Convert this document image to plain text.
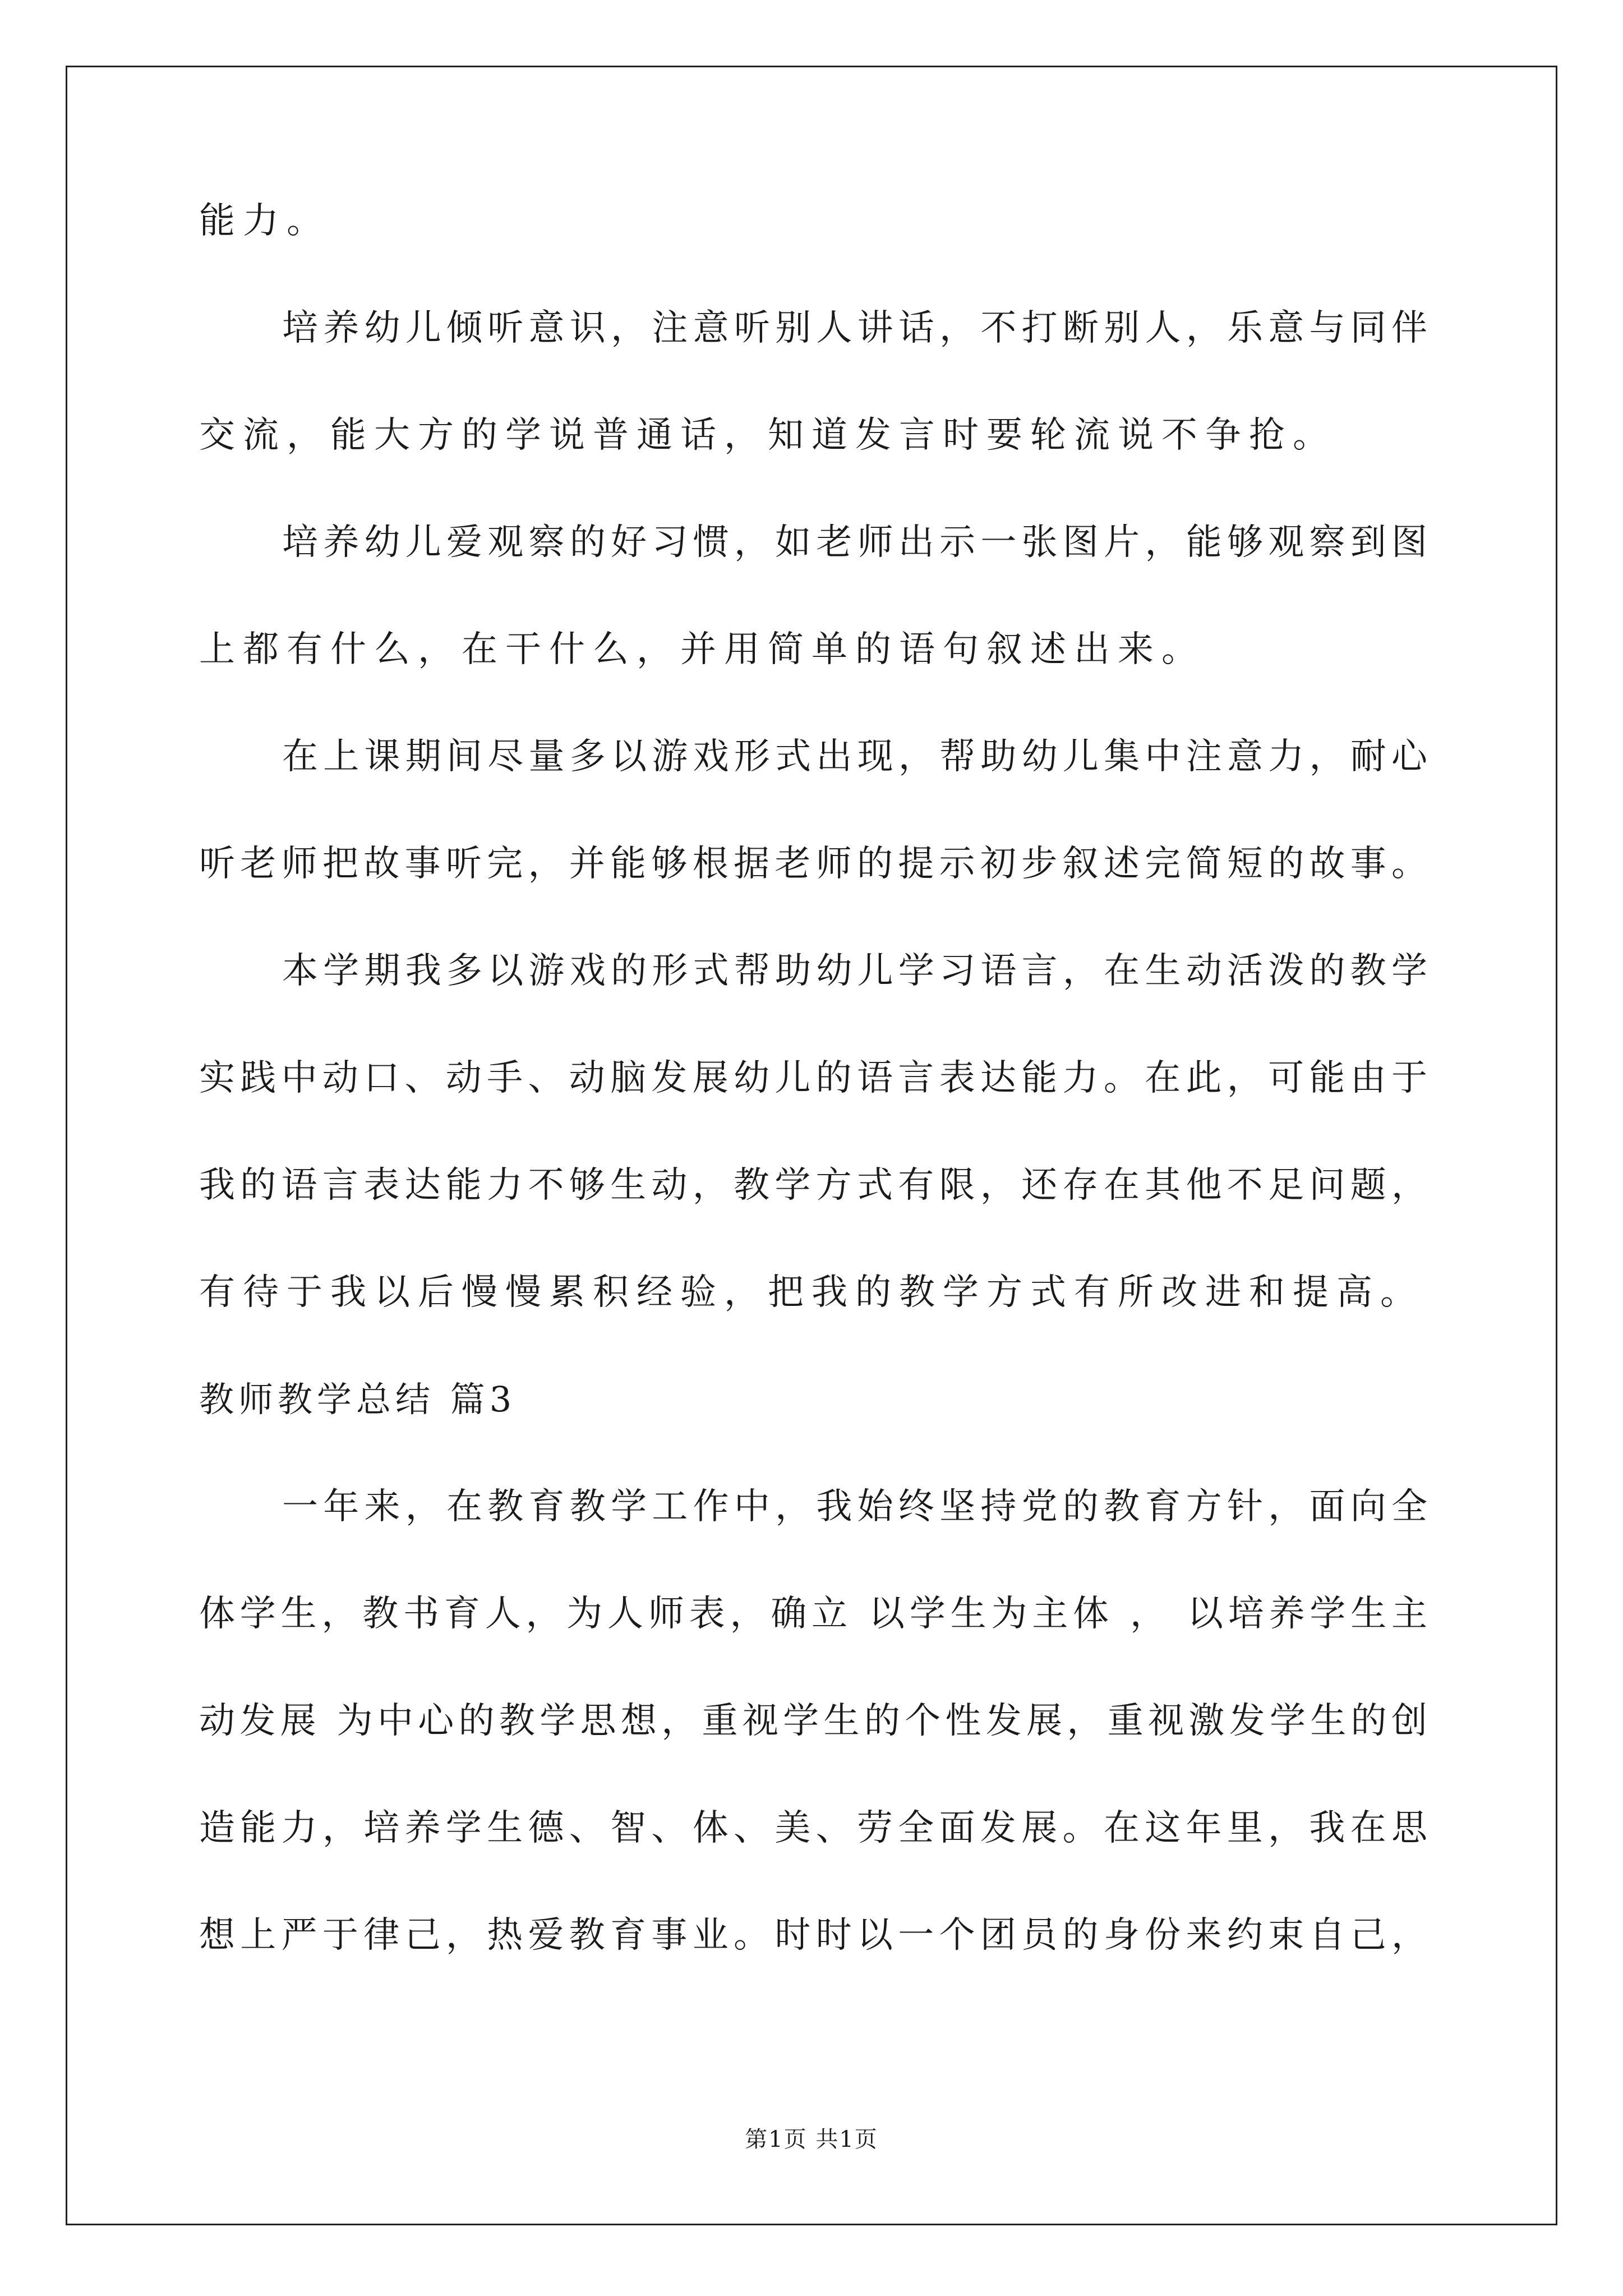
能力。
培养幼儿倾听意识，注意听别人讲话，不打断别人，乐意与同伴
交流，能大方的学说普通话，知道发言时要轮流说不争抢。
培养幼儿爱观察的好习惯，如老师出示一张图片，能够观察到图
上都有什么，在干什么，并用简单的语句叙述出来。
在上课期间尽量多以游戏形式出现，帮助幼儿集中注意力，耐心
听老师把故事听完，并能够根据老师的提示初步叙述完简短的故事。
本学期我多以游戏的形式帮助幼儿学习语言，在生动活泼的教学
实践中动口、动手、动脑发展幼儿的语言表达能力。在此，可能由于
我的语言表达能力不够生动，教学方式有限，还存在其他不足问题，
有待于我以后慢慢累积经验，把我的教学方式有所改进和提高。
教师教学总结 篇3
一年来，在教育教学工作中，我始终坚持党的教育方针，面向全
体学生，教书育人，为人师表，确立 以学生为主体 ， 以培养学生主
动发展 为中心的教学思想，重视学生的个性发展，重视激发学生的创
造能力，培养学生德、智、体、美、劳全面发展。在这年里，我在思
想上严于律己，热爱教育事业。时时以一个团员的身份来约束自己，
第1页 共1页
